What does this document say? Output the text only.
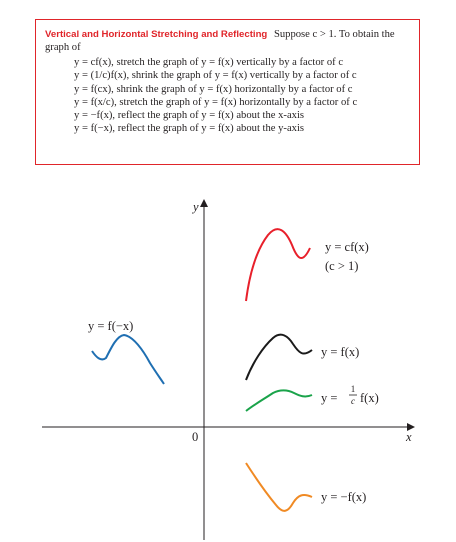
Vertical and Horizontal Stretching and Reflecting Suppose c > 1. To obtain the graph of

y = cf(x), stretch the graph of y = f(x) vertically by a factor of c
y = (1/c)f(x), shrink the graph of y = f(x) vertically by a factor of c
y = f(cx), shrink the graph of y = f(x) horizontally by a factor of c
y = f(x/c), stretch the graph of y = f(x) horizontally by a factor of c
y = −f(x), reflect the graph of y = f(x) about the x-axis
y = f(−x), reflect the graph of y = f(x) about the y-axis
y
x
0
y = cf(x)
(c > 1)
y = f(x)
y =
1
c f(x)
y = −f(x)
y = f(−x)
